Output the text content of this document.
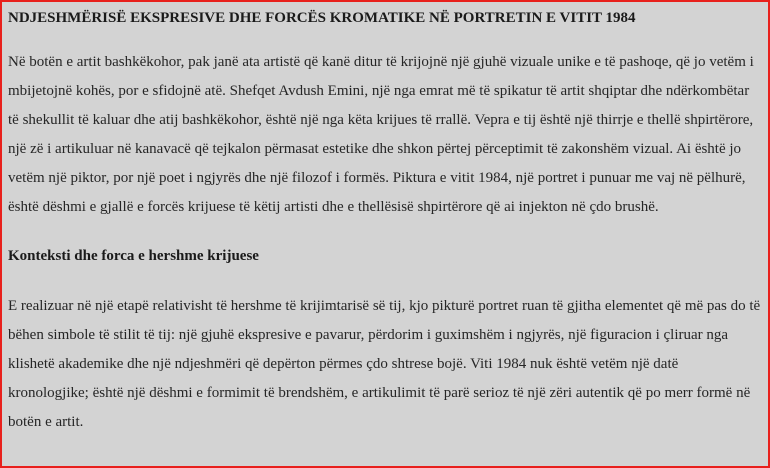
NDJESHMËRISË EKSPRESIVE DHE FORCËS KROMATIKE NË PORTRETIN E VITIT 1984

Në botën e artit bashkëkohor, pak janë ata artistë që kanë ditur të krijojnë një gjuhë vizuale unike e të pashoqe, që jo vetëm i mbijetojnë kohës, por e sfidojnë atë. Shefqet Avdush Emini, një nga emrat më të spikatur të artit shqiptar dhe ndërkombëtar të shekullit të kaluar dhe atij bashkëkohor, është një nga këta krijues të rrallë. Vepra e tij është një thirrje e thellë shpirtërore, një zë i artikuluar në kanavacë që tejkalon përmasat estetike dhe shkon përtej përceptimit të zakonshëm vizual. Ai është jo vetëm një piktor, por një poet i ngjyrës dhe një filozof i formës. Piktura e vitit 1984, një portret i punuar me vaj në pëlhurë, është dëshmi e gjallë e forcës krijuese të këtij artisti dhe e thellësisë shpirtërore që ai injekton në çdo brushë.

Konteksti dhe forca e hershme krijuese

E realizuar në një etapë relativisht të hershme të krijimtarisë së tij, kjo pikturë portret ruan të gjitha elementet që më pas do të bëhen simbole të stilit të tij: një gjuhë ekspresive e pavarur, përdorim i guximshëm i ngjyrës, një figuracion i çliruar nga klishetë akademike dhe një ndjeshmëri që depërton përmes çdo shtrese bojë. Viti 1984 nuk është vetëm një datë kronologjike; është një dëshmi e formimit të brendshëm, e artikulimit të parë serioz të një zëri autentik që po merr formë në botën e artit.
